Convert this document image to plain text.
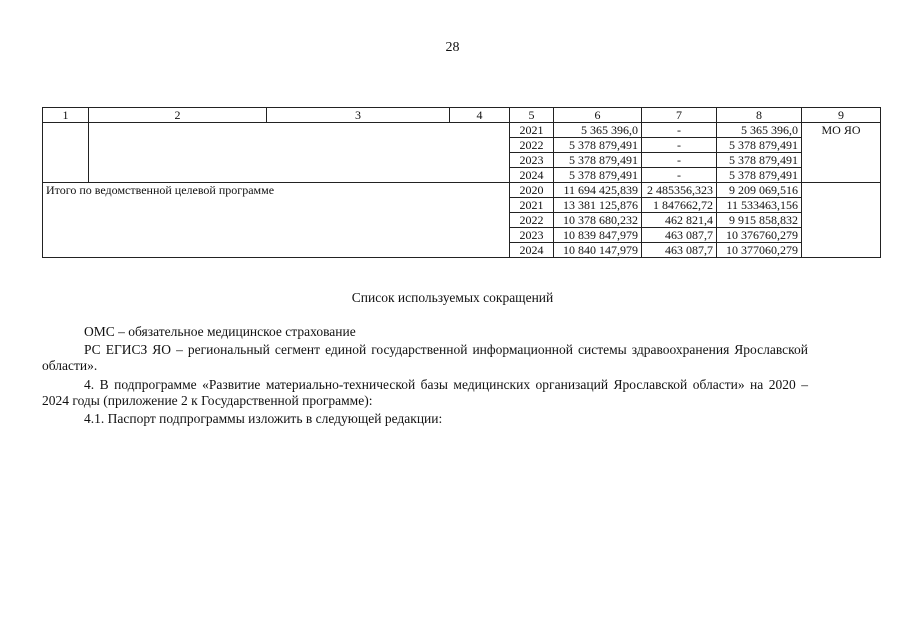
28
1	2	3	4	5	6	7	8	9
				2021	5 365 396,0	-	5 365 396,0	МО ЯО
				2022	5 378 879,491	-	5 378 879,491	
				2023	5 378 879,491	-	5 378 879,491	
				2024	5 378 879,491	-	5 378 879,491	
Итого по ведомственной целевой программе				2020	11 694 425,839	2 485356,323	9 209 069,516	
				2021	13 381 125,876	1 847662,72	11 533463,156	
				2022	10 378 680,232	462 821,4	9 915 858,832	
				2023	10 839 847,979	463 087,7	10 376760,279	
				2024	10 840 147,979	463 087,7	10 377060,279	
Список используемых сокращений
ОМС – обязательное медицинское страхование
РС ЕГИСЗ ЯО – региональный сегмент единой государственной информационной системы здравоохранения Ярославской области».
4. В подпрограмме «Развитие материально-технической базы медицинских организаций Ярославской области» на 2020 – 2024 годы (приложение 2 к Государственной программе):
4.1. Паспорт подпрограммы изложить в следующей редакции:
